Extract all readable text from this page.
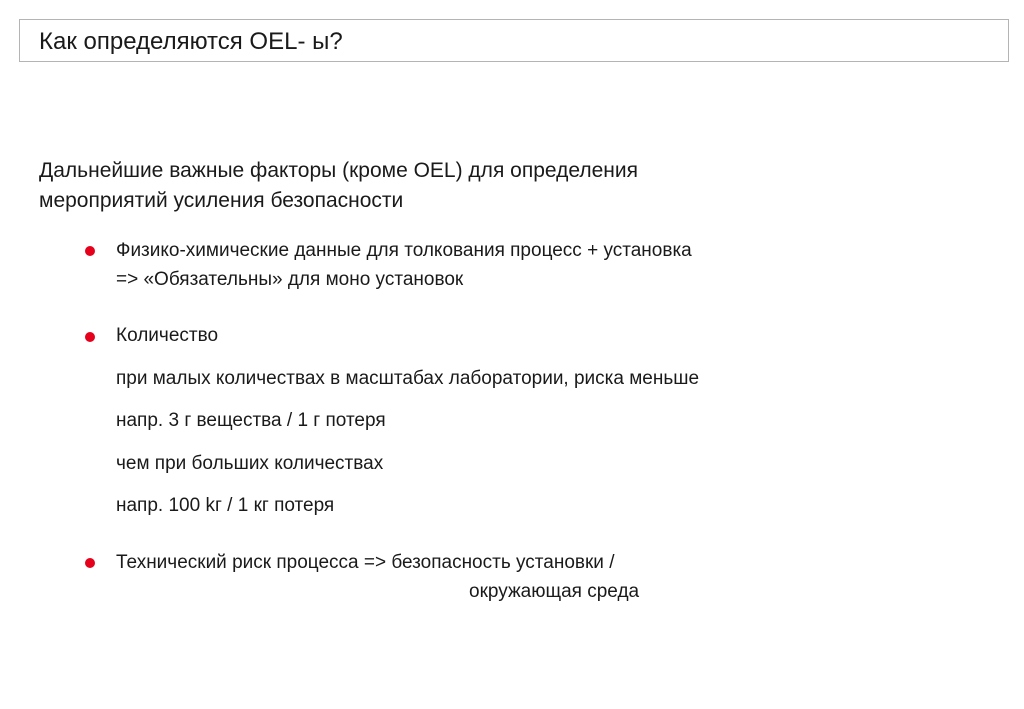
Как определяются OEL- ы?
Дальнейшие важные факторы (кроме OEL) для определения
мероприятий усиления безопасности
Физико-химические данные для толкования процесс + установка
=> «Обязательны» для моно установок
Количество
при малых количествах в масштабах лаборатории, риска меньше
напр. 3 г вещества / 1 г потеря
чем при больших количествах
напр. 100 kг / 1 кг потеря
Технический риск процесса => безопасность установки /
окружающая среда
